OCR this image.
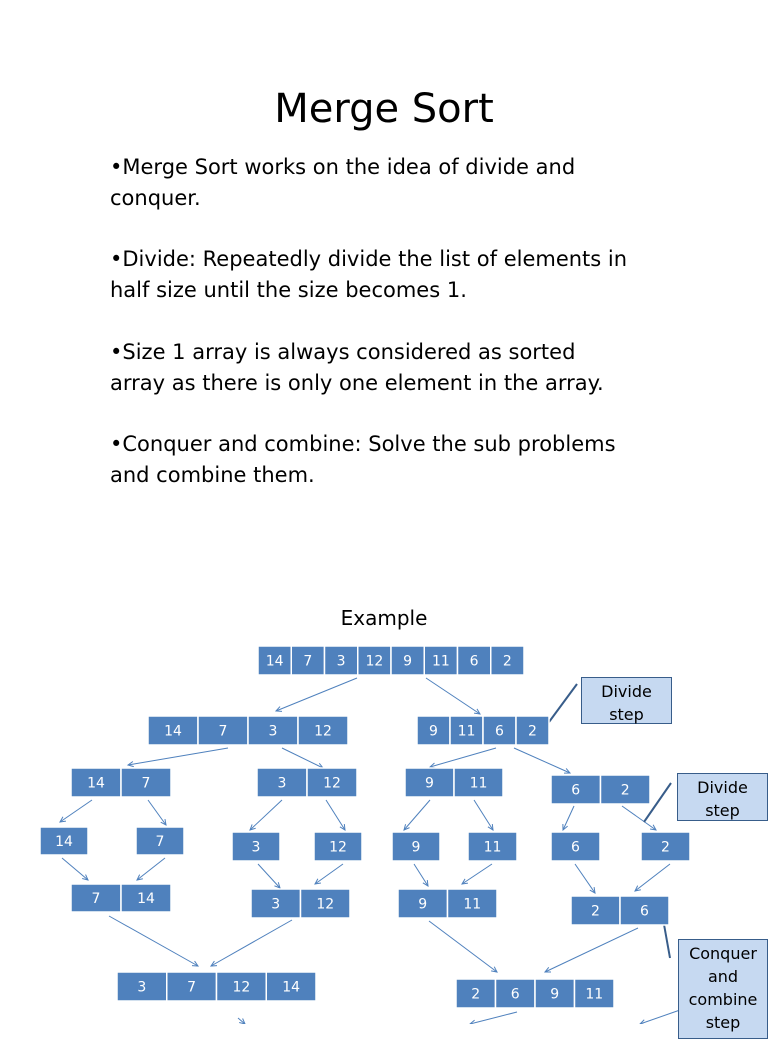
Merge Sort
•Merge Sort works on the idea of divide and conquer.
•Divide: Repeatedly divide the list of elements in half size until the size becomes 1.
•Size 1 array is always considered as sorted array as there is only one element in the array.
•Conquer and combine: Solve the sub problems and combine them.
Example
14 7 3 12 9 11 6 2
14	7	3	12	9 11 6 2
14	7	3	12	9	11	6	2
14	7	3	12	9	11	6	2
7	14	3	12	9	11	2	6
3	7	12 14	2 6 9 11
Divide
step
Divide
step
Conquer
and
combine
step
